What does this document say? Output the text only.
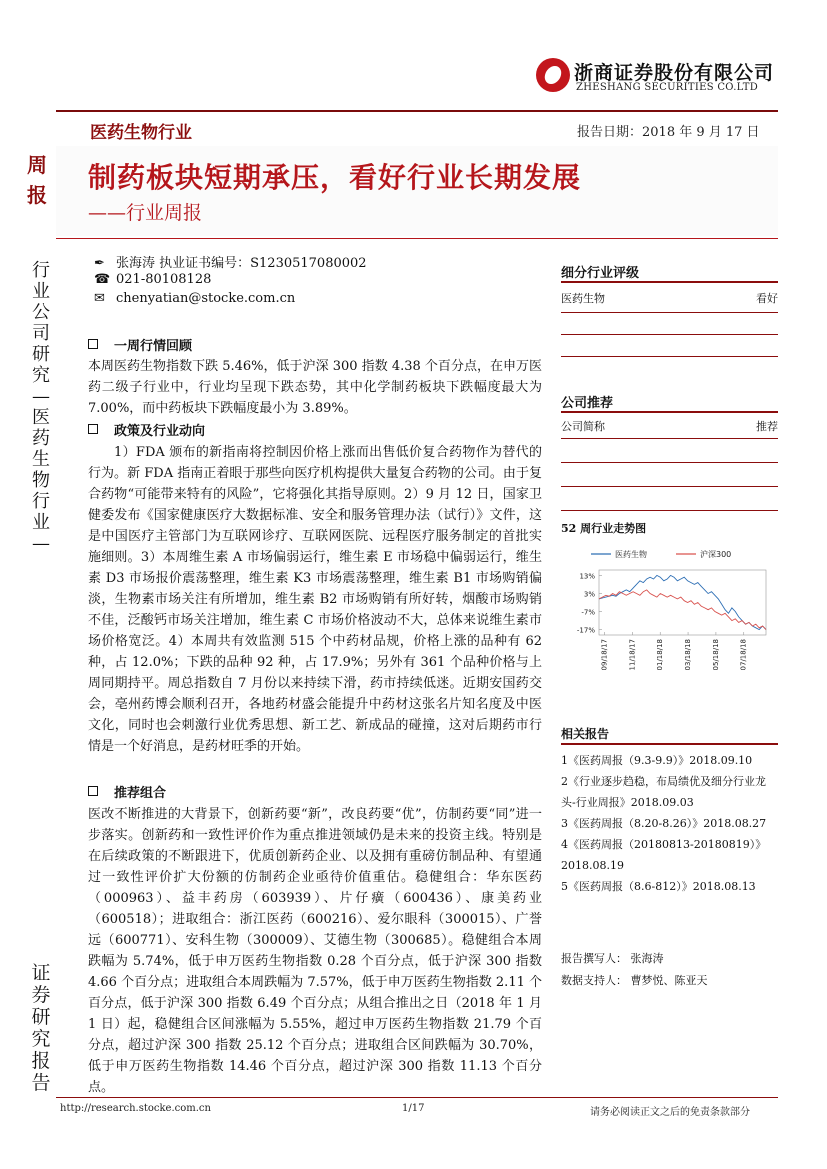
浙商证券股份有限公司
ZHESHANG SECURITIES CO.LTD
医药生物行业	报告日期：2018 年 9 月 17 日
周报
制药板块短期承压，看好行业长期发展
——行业周报
行业公司研究—医药生物行业—
证券研究报告
✒ 张海涛 执业证书编号：S1230517080002
☎ 021-80108128
✉ chenyatian@stocke.com.cn
一周行情回顾

本周医药生物指数下跌 5.46%，低于沪深 300 指数 4.38 个百分点，在申万医药二级子行业中，行业均呈现下跌态势，其中化学制药板块下跌幅度最大为 7.00%，而中药板块下跌幅度最小为 3.89%。

政策及行业动向

1）FDA 颁布的新指南将控制因价格上涨而出售低价复合药物作为替代的行为。新 FDA 指南正着眼于那些向医疗机构提供大量复合药物的公司。由于复合药物“可能带来特有的风险”，它将强化其指导原则。2）9 月 12 日，国家卫健委发布《国家健康医疗大数据标准、安全和服务管理办法（试行）》文件，这是中国医疗主管部门为互联网诊疗、互联网医院、远程医疗服务制定的首批实施细则。3）本周维生素 A 市场偏弱运行，维生素 E 市场稳中偏弱运行，维生素 D3 市场报价震荡整理，维生素 K3 市场震荡整理，维生素 B1 市场购销偏淡，生物素市场关注有所增加，维生素 B2 市场购销有所好转，烟酸市场购销不佳，泛酸钙市场关注增加，维生素 C 市场价格波动不大，总体来说维生素市场价格宽泛。4）本周共有效监测 515 个中药材品规，价格上涨的品种有 62 种，占 12.0%；下跌的品种 92 种，占 17.9%；另外有 361 个品种价格与上周同期持平。周总指数自 7 月份以来持续下滑，药市持续低迷。近期安国药交会，亳州药博会顺利召开，各地药材盛会能提升中药材这张名片知名度及中医文化，同时也会刺激行业优秀思想、新工艺、新成品的碰撞，这对后期药市行情是一个好消息，是药材旺季的开始。

推荐组合

医改不断推进的大背景下，创新药要“新”，改良药要“优”，仿制药要“同”进一步落实。创新药和一致性评价作为重点推进领域仍是未来的投资主线。特别是在后续政策的不断跟进下，优质创新药企业、以及拥有重磅仿制品种、有望通过一致性评价扩大份额的仿制药企业亟待价值重估。稳健组合：华东医药（000963）、益丰药房（603939）、片仔癀（600436）、康美药业（600518）；进取组合：浙江医药（600216）、爱尔眼科（300015）、广誉远（600771）、安科生物（300009）、艾德生物（300685）。稳健组合本周跌幅为 5.74%，低于申万医药生物指数 0.28 个百分点，低于沪深 300 指数 4.66 个百分点；进取组合本周跌幅为 7.57%，低于申万医药生物指数 2.11 个百分点，低于沪深 300 指数 6.49 个百分点；从组合推出之日（2018 年 1 月 1 日）起，稳健组合区间涨幅为 5.55%，超过申万医药生物指数 21.79 个百分点，超过沪深 300 指数 25.12 个百分点；进取组合区间跌幅为 30.70%，低于申万医药生物指数 14.46 个百分点，超过沪深 300 指数 11.13 个百分点。

细分行业评级
医药生物	看好
公司推荐
公司简称	推荐
52 周行业走势图
医药生物	沪深300
13%
3%
-7%
-17%
09/18/17	11/18/17	01/18/18	03/18/18	05/18/18	07/18/18
相关报告
1《医药周报（9.3-9.9）》2018.09.10
2《行业逐步趋稳，布局绩优及细分行业龙头-行业周报》2018.09.03
3《医药周报（8.20-8.26）》2018.08.27
4《医药周报（20180813-20180819）》2018.08.19
5《医药周报（8.6-812）》2018.08.13
报告撰写人： 张海涛
数据支持人： 曹梦悦、陈亚天
http://research.stocke.com.cn	1/17	请务必阅读正文之后的免责条款部分
